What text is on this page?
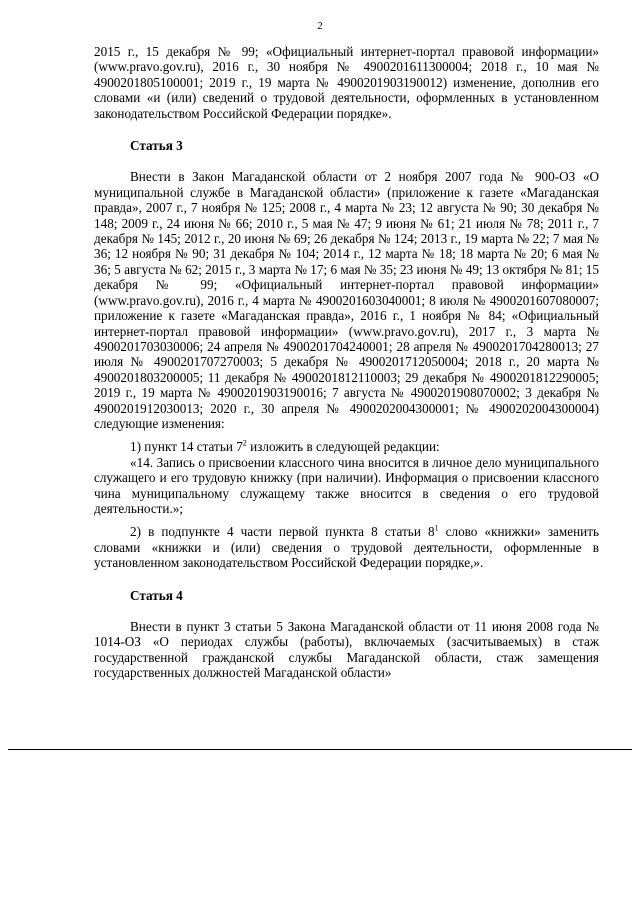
2

2015 г., 15 декабря № 99; «Официальный интернет-портал правовой информации» (www.pravo.gov.ru), 2016 г., 30 ноября № 4900201611300004; 2018 г., 10 мая № 4900201805100001; 2019 г., 19 марта № 4900201903190012) изменение, дополнив его словами «и (или) сведений о трудовой деятельности, оформленных в установленном законодательством Российской Федерации порядке».

Статья 3

Внести в Закон Магаданской области от 2 ноября 2007 года № 900-ОЗ «О муниципальной службе в Магаданской области» (приложение к газете «Магаданская правда», 2007 г., 7 ноября № 125; 2008 г., 4 марта № 23; 12 августа № 90; 30 декабря № 148; 2009 г., 24 июня № 66; 2010 г., 5 мая № 47; 9 июня № 61; 21 июля № 78; 2011 г., 7 декабря № 145; 2012 г., 20 июня № 69; 26 декабря № 124; 2013 г., 19 марта № 22; 7 мая № 36; 12 ноября № 90; 31 декабря № 104; 2014 г., 12 марта № 18; 18 марта № 20; 6 мая № 36; 5 августа № 62; 2015 г., 3 марта № 17; 6 мая № 35; 23 июня № 49; 13 октября № 81; 15 декабря № 99; «Официальный интернет-портал правовой информации» (www.pravo.gov.ru), 2016 г., 4 марта № 4900201603040001; 8 июля № 4900201607080007; приложение к газете «Магаданская правда», 2016 г., 1 ноября № 84; «Официальный интернет-портал правовой информации» (www.pravo.gov.ru), 2017 г., 3 марта № 4900201703030006; 24 апреля № 4900201704240001; 28 апреля № 4900201704280013; 27 июля № 4900201707270003; 5 декабря № 4900201712050004; 2018 г., 20 марта № 4900201803200005; 11 декабря № 4900201812110003; 29 декабря № 4900201812290005; 2019 г., 19 марта № 4900201903190016; 7 августа № 4900201908070002; 3 декабря № 4900201912030013; 2020 г., 30 апреля № 4900202004300001; № 4900202004300004) следующие изменения:

1) пункт 14 статьи $7^2$ изложить в следующей редакции:

«14. Запись о присвоении классного чина вносится в личное дело муниципального служащего и его трудовую книжку (при наличии). Информация о присвоении классного чина муниципальному служащему также вносится в сведения о его трудовой деятельности.»;

2) в подпункте 4 части первой пункта 8 статьи $8^1$ слово «книжки» заменить словами «книжки и (или) сведения о трудовой деятельности, оформленные в установленном законодательством Российской Федерации порядке,».

Статья 4

Внести в пункт 3 статьи 5 Закона Магаданской области от 11 июня 2008 года № 1014-ОЗ «О периодах службы (работы), включаемых (засчитываемых) в стаж государственной гражданской службы Магаданской области, стаж замещения государственных должностей Магаданской области»
